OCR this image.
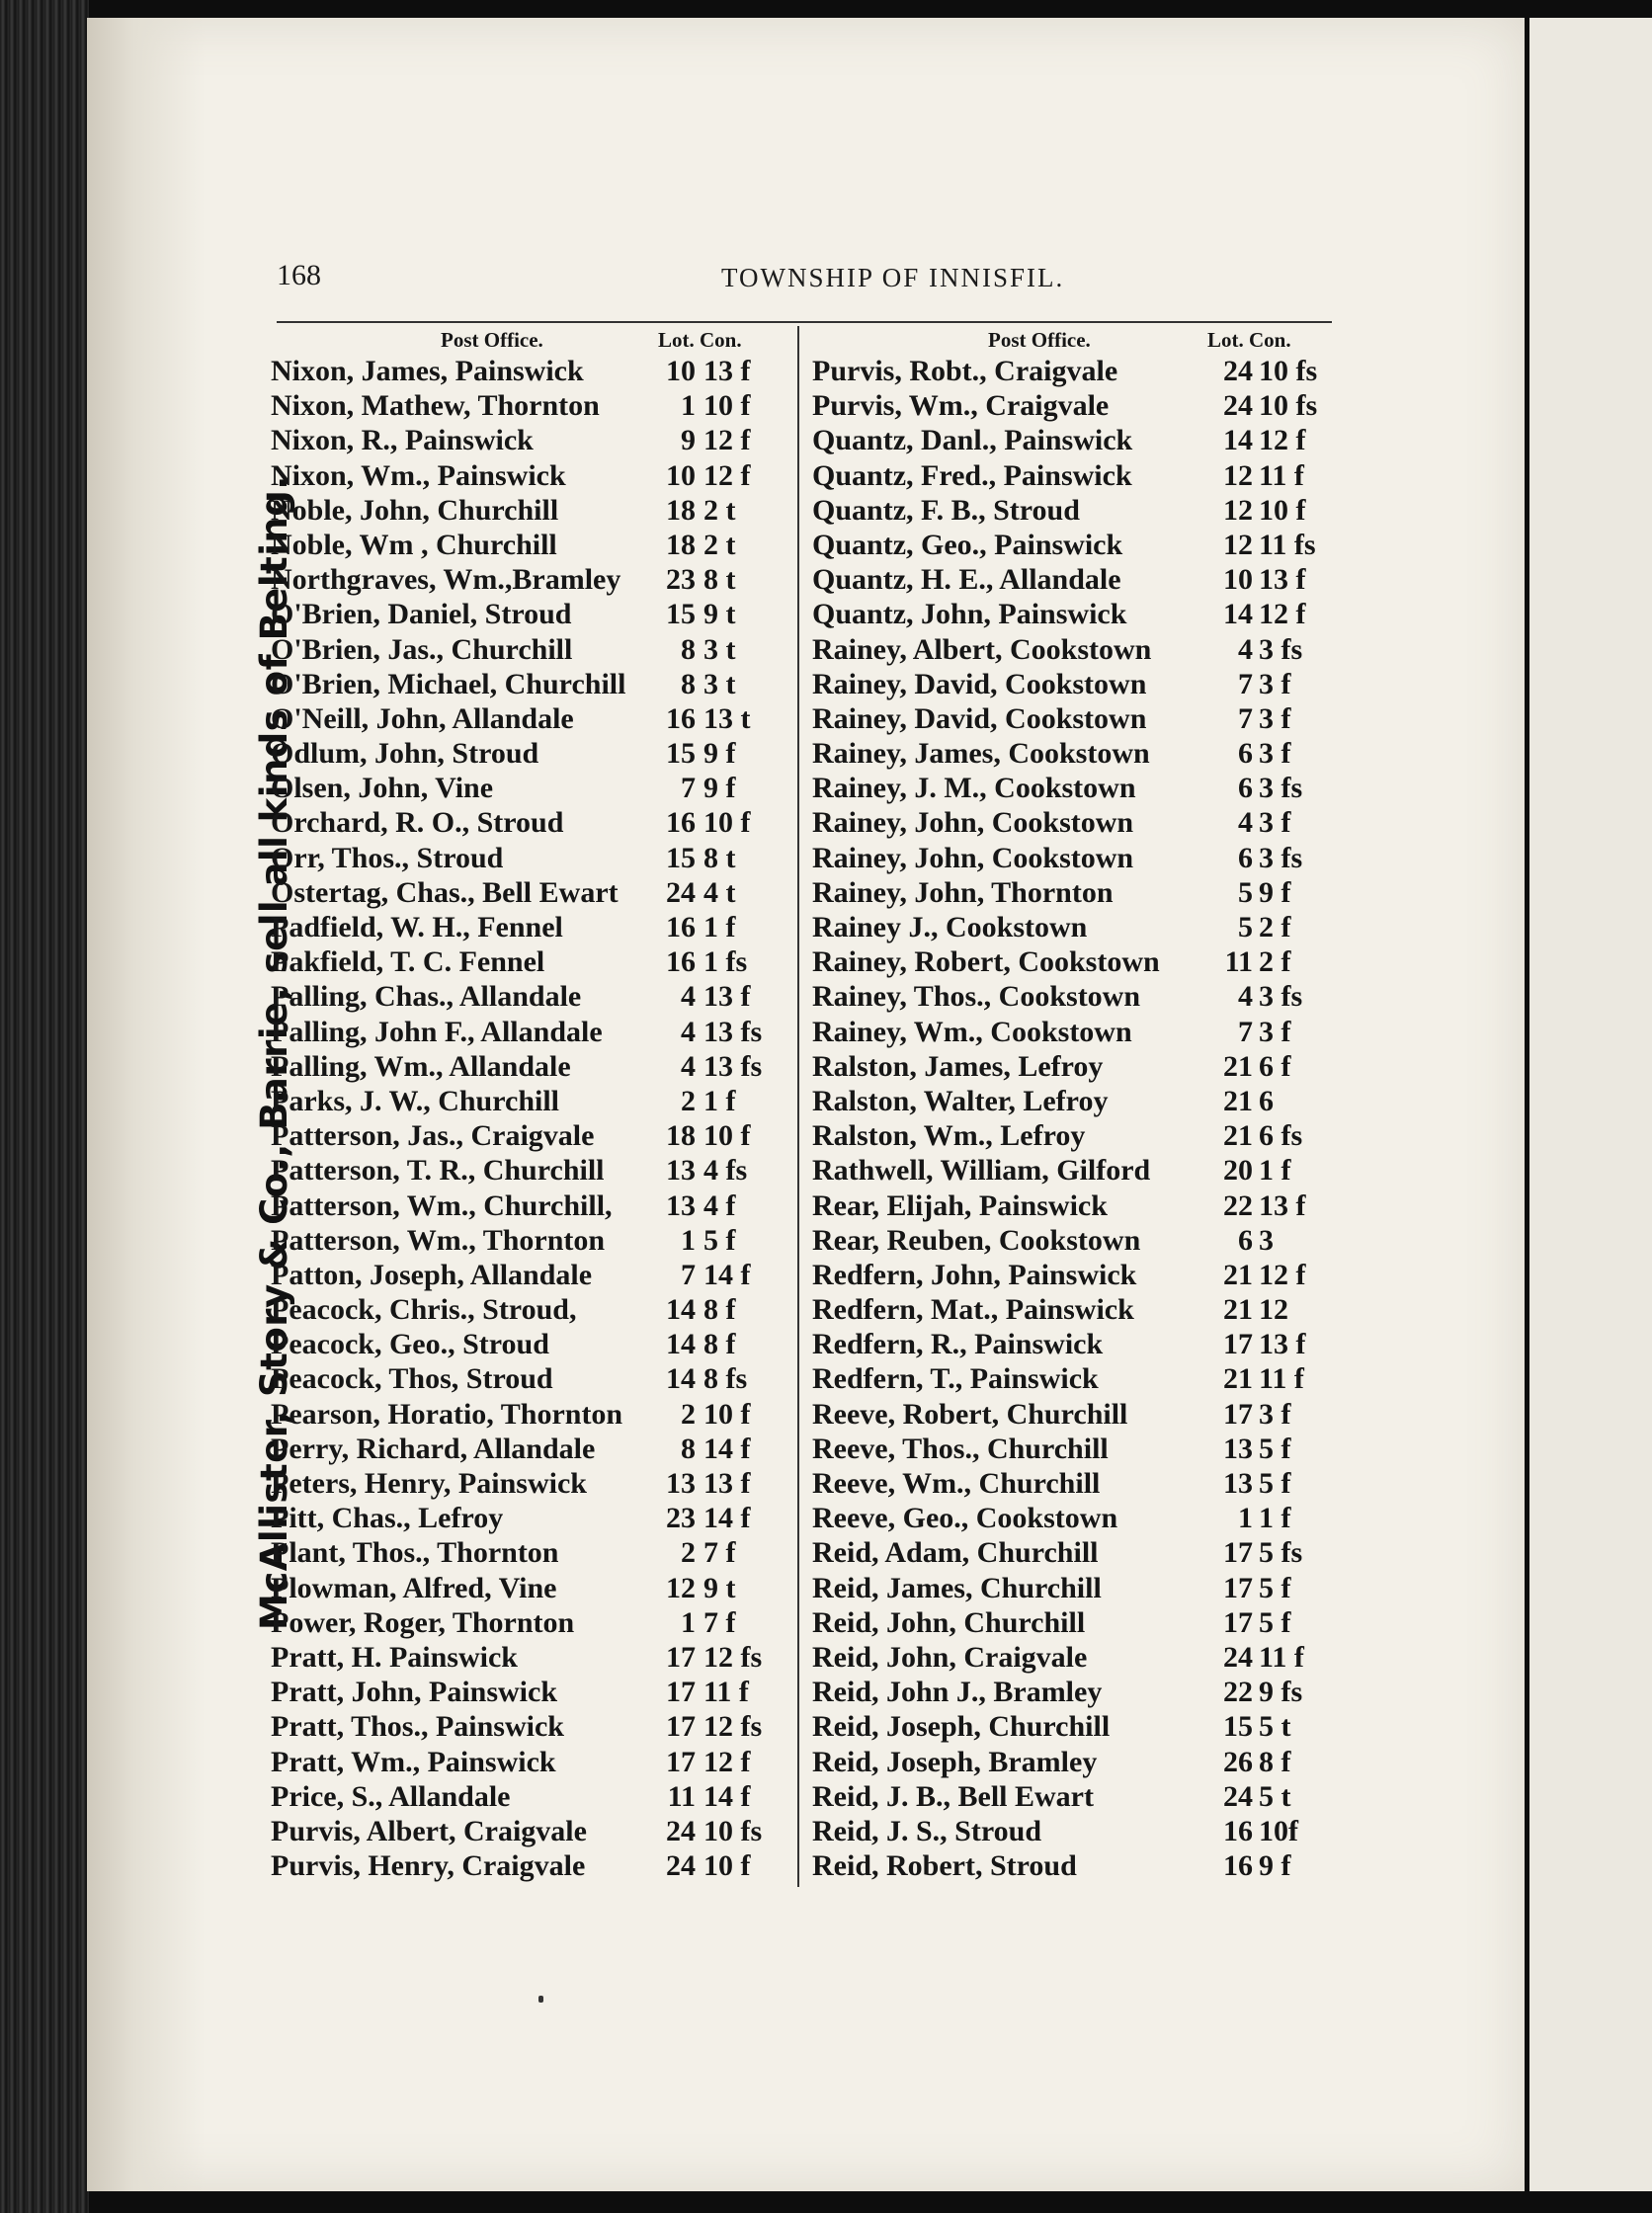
168	TOWNSHIP OF INNISFIL.
McAllister, Story & Co., Barrie, sell all kinds of Belting.
Post Office.	Lot. Con.
Nixon, James, Painswick	10 13 f
Nixon, Mathew, Thornton	1 10 f
Nixon, R., Painswick	9 12 f
Nixon, Wm., Painswick	10 12 f
Noble, John, Churchill	18 2 t
Noble, Wm , Churchill	18 2 t
Northgraves, Wm.,Bramley 23 8 t
O'Brien, Daniel, Stroud	15 9 t
O'Brien, Jas., Churchill	8 3 t
O'Brien, Michael, Churchill 8 3 t
O'Neill, John, Allandale	16 13 t
Odlum, John, Stroud	15 9 f
Olsen, John, Vine	7 9 f
Orchard, R. O., Stroud	16 10 f
Orr, Thos., Stroud	15 8 t
Ostertag, Chas., Bell Ewart 24 4 t
Padfield, W. H., Fennel	16 1 f
Pakfield, T. C. Fennel	16 1 fs
Palling, Chas., Allandale	4 13 f
Palling, John F., Allandale	4 13 fs
Palling, Wm., Allandale	4 13 fs
Parks, J. W., Churchill	2 1 f
Patterson, Jas., Craigvale 18 10 f
Patterson, T. R., Churchill 13 4 fs
Patterson, Wm., Churchill, 13 4 f
Patterson, Wm., Thornton	1 5 f
Patton, Joseph, Allandale	7 14 f
Peacock, Chris., Stroud,	14 8 f
Peacock, Geo., Stroud	14 8 f
Peacock, Thos, Stroud	14 8 fs
Pearson, Horatio, Thornton 2 10 f
Perry, Richard, Allandale	8 14 f
Peters, Henry, Painswick	13 13 f
Pitt, Chas., Lefroy	23 14 f
Plant, Thos., Thornton	2 7 f
Plowman, Alfred, Vine	12 9 t
Power, Roger, Thornton	1 7 f
Pratt, H. Painswick	17 12 fs
Pratt, John, Painswick	17 11 f
Pratt, Thos., Painswick	17 12 fs
Pratt, Wm., Painswick	17 12 f
Price, S., Allandale	11 14 f
Purvis, Albert, Craigvale	24 10 fs
Purvis, Henry, Craigvale	24 10 f
Post Office.	Lot. Con.
Purvis, Robt., Craigvale	24 10 fs
Purvis, Wm., Craigvale	24 10 fs
Quantz, Danl., Painswick	14 12 f
Quantz, Fred., Painswick	12 11 f
Quantz, F. B., Stroud	12 10 f
Quantz, Geo., Painswick	12 11 fs
Quantz, H. E., Allandale	10 13 f
Quantz, John, Painswick	14 12 f
Rainey, Albert, Cookstown	4 3 fs
Rainey, David, Cookstown	7 3 f
Rainey, David, Cookstown	7 3 f
Rainey, James, Cookstown	6 3 f
Rainey, J. M., Cookstown	6 3 fs
Rainey, John, Cookstown	4 3 f
Rainey, John, Cookstown	6 3 fs
Rainey, John, Thornton	5 9 f
Rainey J., Cookstown	5 2 f
Rainey, Robert, Cookstown 11 2 f
Rainey, Thos., Cookstown	4 3 fs
Rainey, Wm., Cookstown	7 3 f
Ralston, James, Lefroy	21 6 f
Ralston, Walter, Lefroy	21 6
Ralston, Wm., Lefroy	21 6 fs
Rathwell, William, Gilford 20 1 f
Rear, Elijah, Painswick	22 13 f
Rear, Reuben, Cookstown	6 3
Redfern, John, Painswick	21 12 f
Redfern, Mat., Painswick	21 12
Redfern, R., Painswick	17 13 f
Redfern, T., Painswick	21 11 f
Reeve, Robert, Churchill	17 3 f
Reeve, Thos., Churchill	13 5 f
Reeve, Wm., Churchill	13 5 f
Reeve, Geo., Cookstown	1 1 f
Reid, Adam, Churchill	17 5 fs
Reid, James, Churchill	17 5 f
Reid, John, Churchill	17 5 f
Reid, John, Craigvale	24 11 f
Reid, John J., Bramley	22 9 fs
Reid, Joseph, Churchill	15 5 t
Reid, Joseph, Bramley	26 8 f
Reid, J. B., Bell Ewart	24 5 t
Reid, J. S., Stroud	16 10f
Reid, Robert, Stroud	16 9 f
